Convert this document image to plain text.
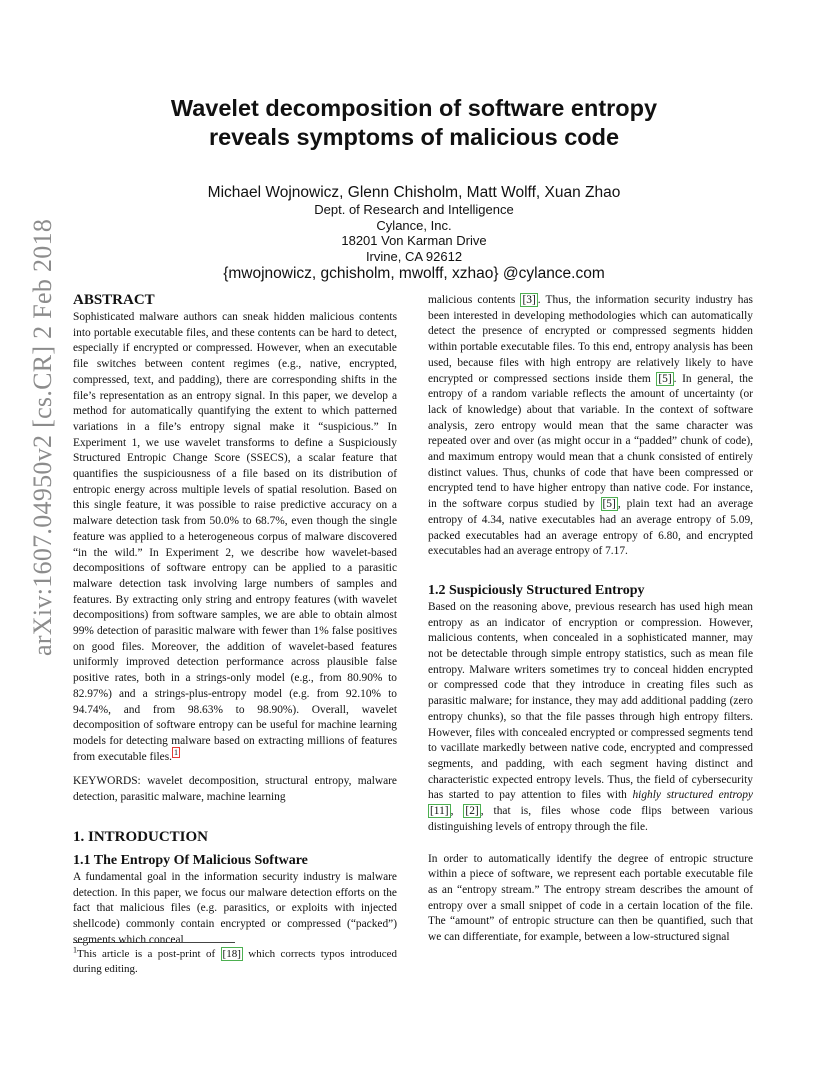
Wavelet decomposition of software entropy
reveals symptoms of malicious code
Michael Wojnowicz, Glenn Chisholm, Matt Wolff, Xuan Zhao
Dept. of Research and Intelligence
Cylance, Inc.
18201 Von Karman Drive
Irvine, CA 92612
{mwojnowicz, gchisholm, mwolff, xzhao} @cylance.com
arXiv:1607.04950v2 [cs.CR] 2 Feb 2018 ABSTRACT

Sophisticated malware authors can sneak hidden malicious contents into portable executable files, and these contents can be hard to detect, especially if encrypted or compressed. However, when an executable file switches between content regimes (e.g., native, encrypted, compressed, text, and padding), there are corresponding shifts in the file’s representation as an entropy signal. In this paper, we develop a method for automatically quantifying the extent to which patterned variations in a file’s entropy signal make it “suspicious.” In Experiment 1, we use wavelet transforms to define a Suspiciously Structured Entropic Change Score (SSECS), a scalar feature that quantifies the suspiciousness of a file based on its distribution of entropic energy across multiple levels of spatial resolution. Based on this single feature, it was possible to raise predictive accuracy on a malware detection task from 50.0% to 68.7%, even though the single feature was applied to a heterogeneous corpus of malware discovered “in the wild.” In Experiment 2, we describe how wavelet-based decompositions of software entropy can be applied to a parasitic malware detection task involving large numbers of samples and features. By extracting only string and entropy features (with wavelet decompositions) from software samples, we are able to obtain almost 99% detection of parasitic malware with fewer than 1% false positives on good files. Moreover, the addition of wavelet-based features uniformly improved detection performance across plausible false positive rates, both in a strings-only model (e.g., from 80.90% to 82.97%) and a strings-plus-entropy model (e.g. from 92.10% to 94.74%, and from 98.63% to 98.90%). Overall, wavelet decomposition of software entropy can be useful for machine learning models for detecting malware based on extracting millions of features from executable files. $^1$

KEYWORDS: wavelet decomposition, structural entropy, malware detection, parasitic malware, machine learning

1. INTRODUCTION
1.1 The Entropy Of Malicious Software

A fundamental goal in the information security industry is malware detection. In this paper, we focus our malware detection efforts on the fact that malicious files (e.g. parasitics, or exploits with injected shellcode) commonly contain encrypted or compressed (“packed”) segments which conceal

$^1$This article is a post-print of [18] which corrects typos introduced during editing.

malicious contents [3] . Thus, the information security industry has been interested in developing methodologies which can automatically detect the presence of encrypted or compressed segments hidden within portable executable files. To this end, entropy analysis has been used, because files with high entropy are relatively likely to have encrypted or compressed sections inside them [5] . In general, the entropy of a random variable reflects the amount of uncertainty (or lack of knowledge) about that variable. In the context of software analysis, zero entropy would mean that the same character was repeated over and over (as might occur in a “padded” chunk of code), and maximum entropy would mean that a chunk consisted of entirely distinct values. Thus, chunks of code that have been compressed or encrypted tend to have higher entropy than native code. For instance, in the software corpus studied by [5] , plain text had an average entropy of 4.34, native executables had an average entropy of 5.09, packed executables had an average entropy of 6.80, and encrypted executables had an average entropy of 7.17.

1.2 Suspiciously Structured Entropy

Based on the reasoning above, previous research has used high mean entropy as an indicator of encryption or compression. However, malicious contents, when concealed in a sophisticated manner, may not be detectable through simple entropy statistics, such as mean file entropy. Malware writers sometimes try to conceal hidden encrypted or compressed code that they introduce in creating files such as parasitic malware; for instance, they may add additional padding (zero entropy chunks), so that the file passes through high entropy filters. However, files with concealed encrypted or compressed segments tend to vacillate markedly between native code, encrypted and compressed segments, and padding, with each segment having distinct and characteristic expected entropy levels. Thus, the field of cybersecurity has started to pay attention to files with highly structured entropy [11] , [2] , that is, files whose code flips between various distinguishing levels of entropy through the file.

In order to automatically identify the degree of entropic structure within a piece of software, we represent each portable executable file as an “entropy stream.” The entropy stream describes the amount of entropy over a small snippet of code in a certain location of the file. The “amount” of entropic structure can then be quantified, such that we can differentiate, for example, between a low-structured signal
